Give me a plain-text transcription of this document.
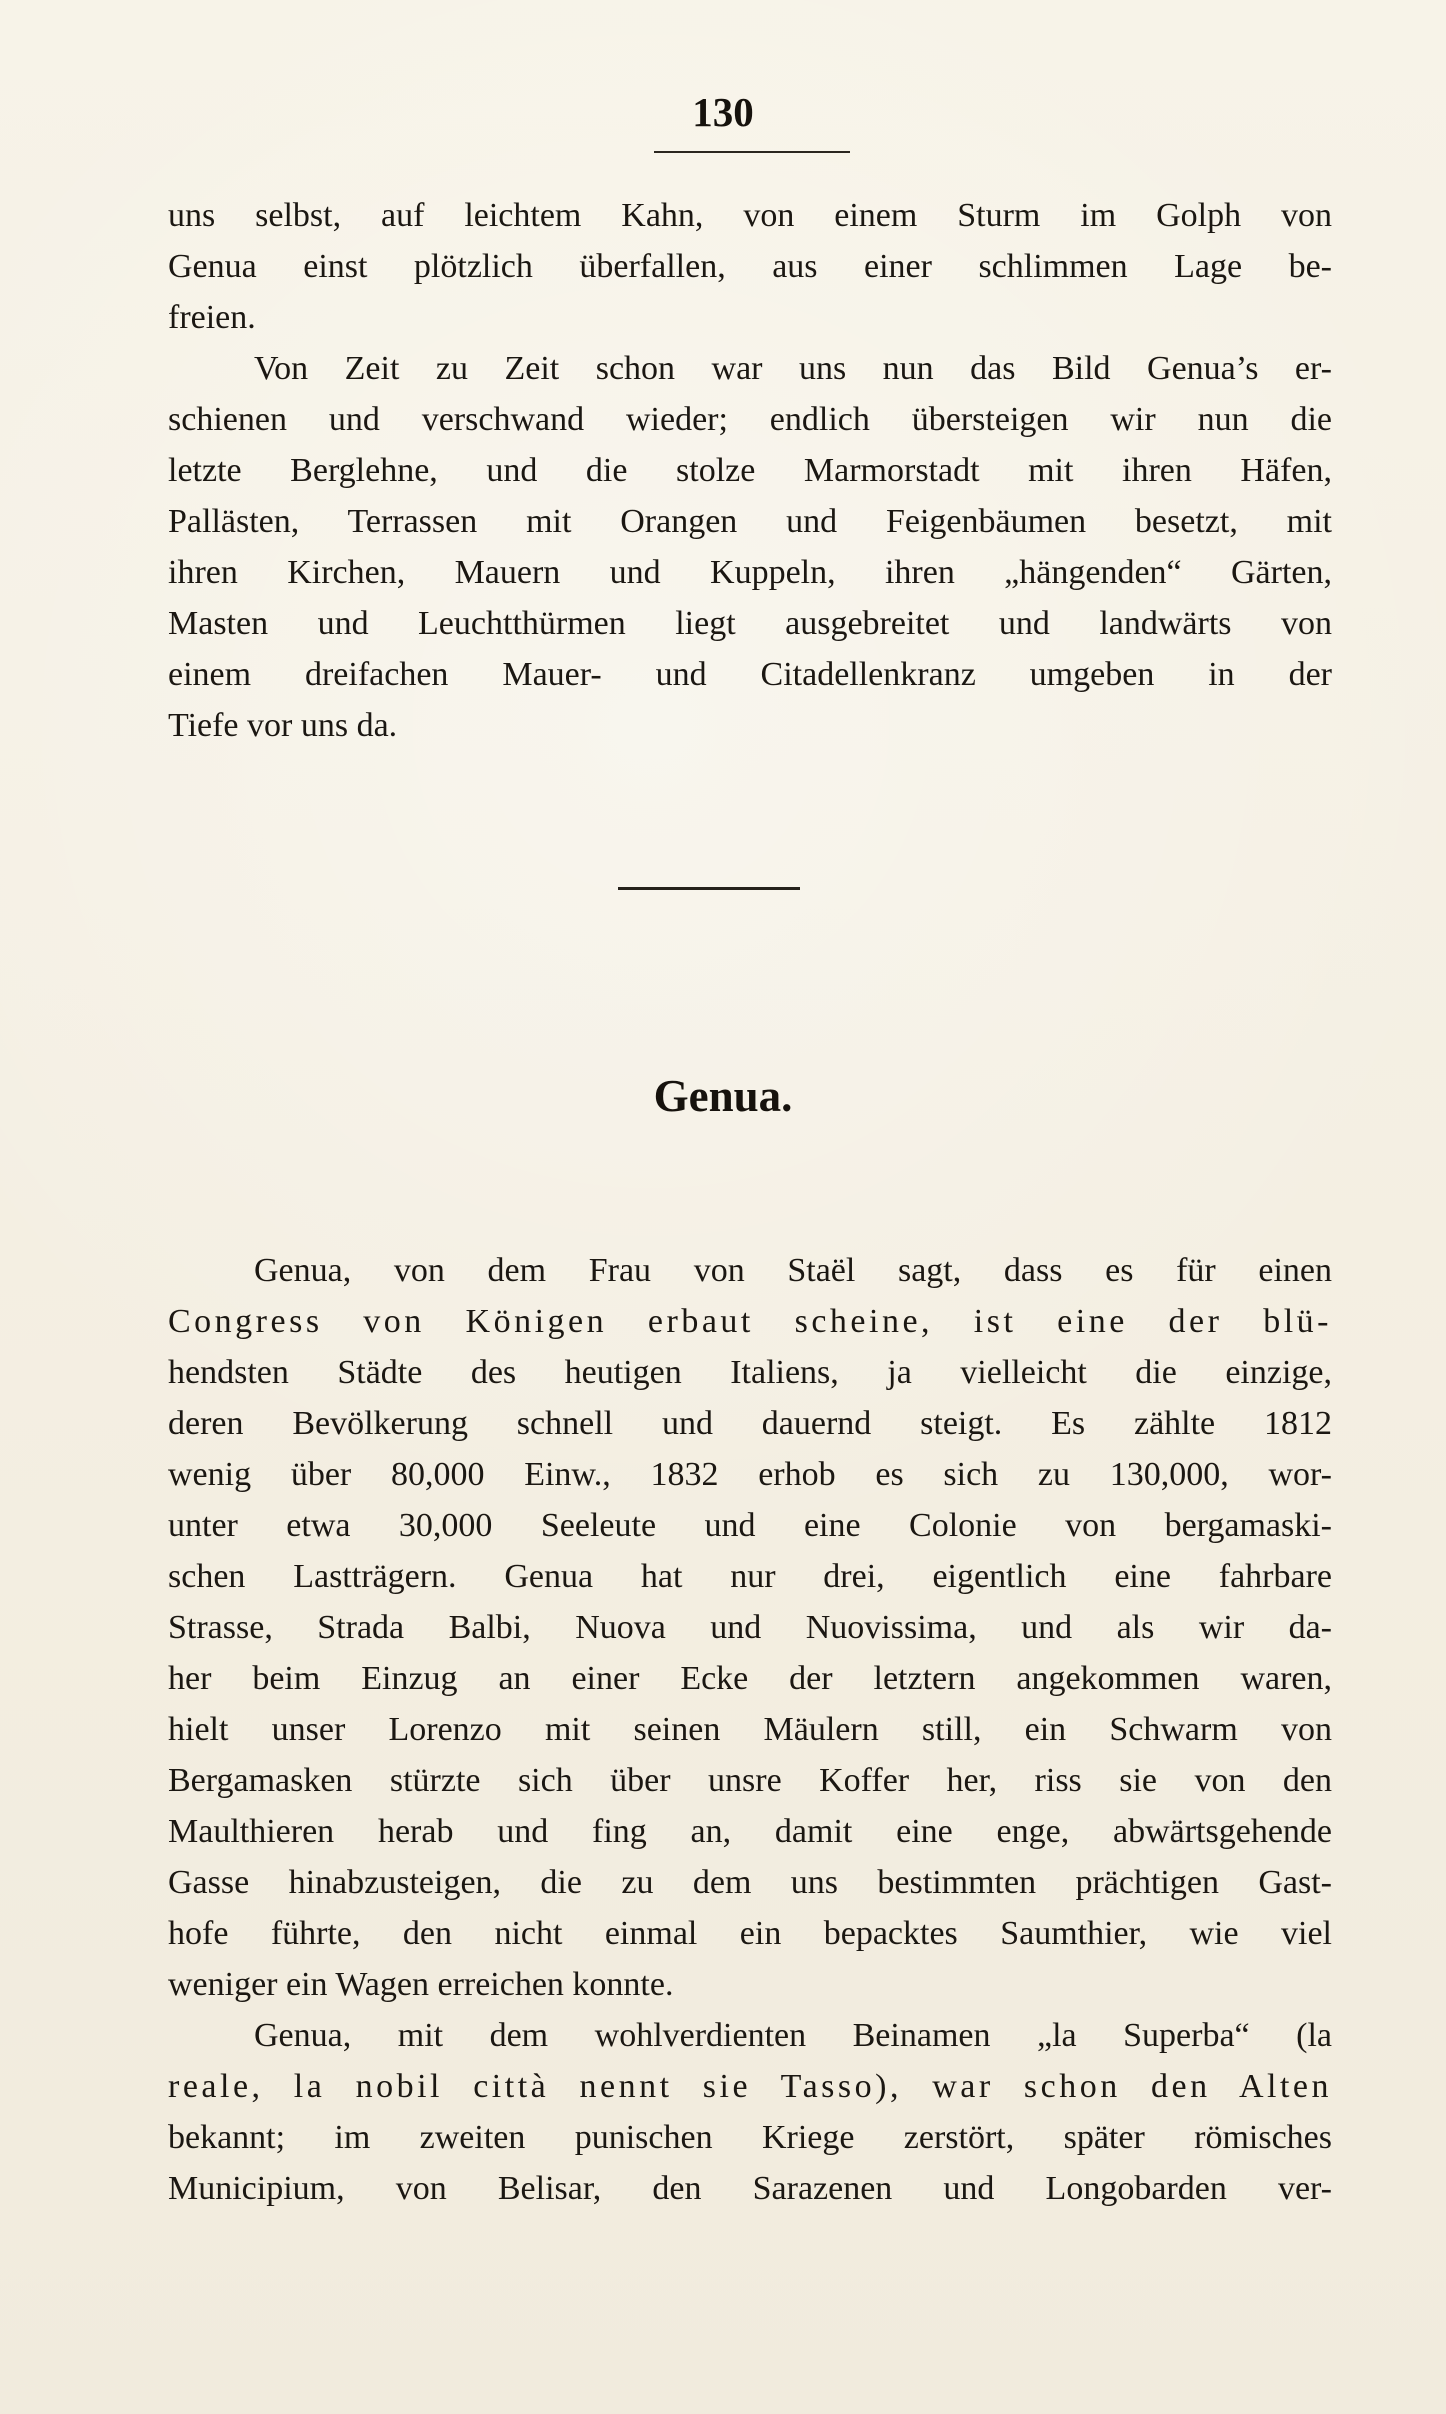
130
uns selbst, auf leichtem Kahn, von einem Sturm im Golph von
Genua einst plötzlich überfallen, aus einer schlimmen Lage be-
freien.
Von Zeit zu Zeit schon war uns nun das Bild Genua’s er-
schienen und verschwand wieder; endlich übersteigen wir nun die
letzte Berglehne, und die stolze Marmorstadt mit ihren Häfen,
Pallästen, Terrassen mit Orangen und Feigenbäumen besetzt, mit
ihren Kirchen, Mauern und Kuppeln, ihren „hängenden“ Gärten,
Masten und Leuchtthürmen liegt ausgebreitet und landwärts von
einem dreifachen Mauer- und Citadellenkranz umgeben in der
Tiefe vor uns da.
Genua.
Genua, von dem Frau von Staël sagt, dass es für einen
Congress von Königen erbaut scheine, ist eine der blü-
hendsten Städte des heutigen Italiens, ja vielleicht die einzige,
deren Bevölkerung schnell und dauernd steigt. Es zählte 1812
wenig über 80,000 Einw., 1832 erhob es sich zu 130,000, wor-
unter etwa 30,000 Seeleute und eine Colonie von bergamaski-
schen Lastträgern. Genua hat nur drei, eigentlich eine fahrbare
Strasse, Strada Balbi, Nuova und Nuovissima, und als wir da-
her beim Einzug an einer Ecke der letztern angekommen waren,
hielt unser Lorenzo mit seinen Mäulern still, ein Schwarm von
Bergamasken stürzte sich über unsre Koffer her, riss sie von den
Maulthieren herab und fing an, damit eine enge, abwärtsgehende
Gasse hinabzusteigen, die zu dem uns bestimmten prächtigen Gast-
hofe führte, den nicht einmal ein bepacktes Saumthier, wie viel
weniger ein Wagen erreichen konnte.
Genua, mit dem wohlverdienten Beinamen „la Superba“ (la
reale, la nobil città nennt sie Tasso), war schon den Alten
bekannt; im zweiten punischen Kriege zerstört, später römisches
Municipium, von Belisar, den Sarazenen und Longobarden ver-
